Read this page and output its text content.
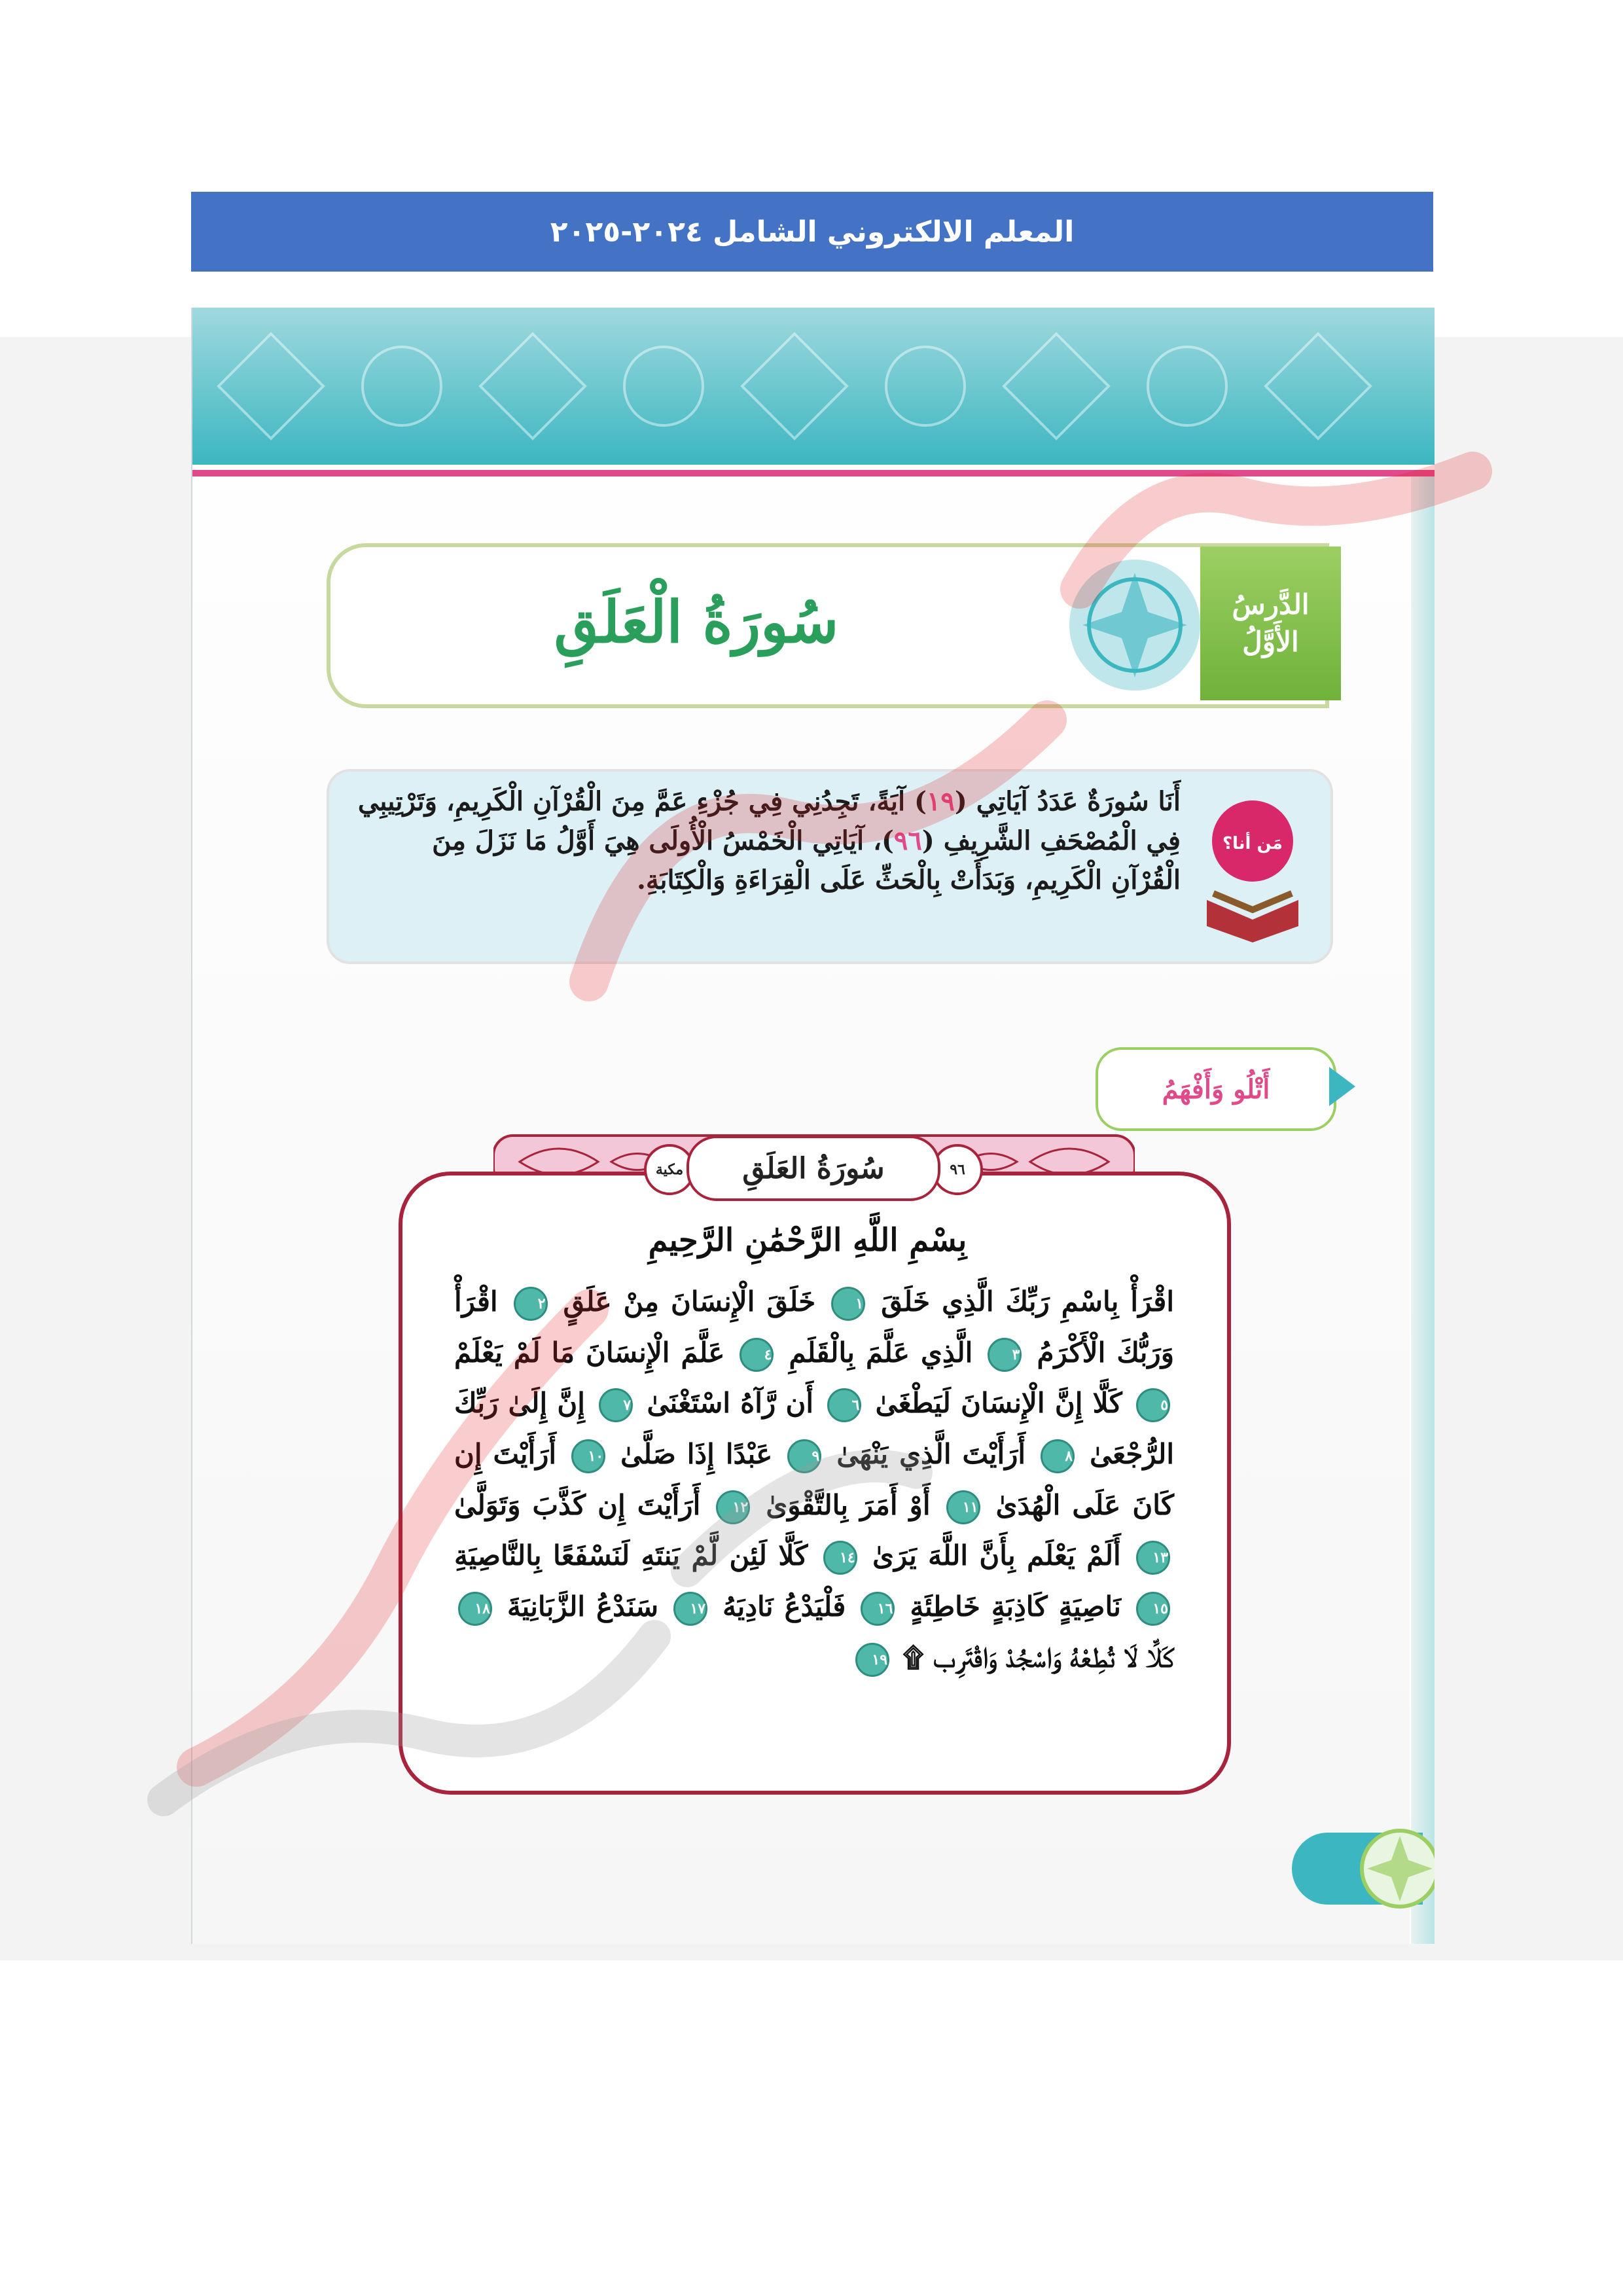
المعلم الالكتروني الشامل ٢٠٢٤-٢٠٢٥
سُورَةُ الْعَلَقِ	الدَّرسُ
الأَوَّلُ
أَنَا سُورَةٌ عَدَدُ آيَاتِي (١٩) آيَةً، تَجِدُنِي فِي جُزْءِ عَمَّ مِنَ الْقُرْآنِ الْكَرِيمِ، وَتَرْتِيبِي فِي الْمُصْحَفِ الشَّرِيفِ (٩٦)، آيَاتِي الْخَمْسُ الْأُولَى هِيَ أَوَّلُ مَا نَزَلَ مِنَ الْقُرْآنِ الْكَرِيمِ، وَبَدَأَتْ بِالْحَثِّ عَلَى الْقِرَاءَةِ وَالْكِتَابَةِ.
مَن أنا؟
أَتْلُو وَأَفْهَمُ
٩٦
مكية سُورَةُ العَلَقِ
بِسْمِ اللَّهِ الرَّحْمَٰنِ الرَّحِيمِ
اقْرَأْ بِاسْمِ رَبِّكَ الَّذِي خَلَقَ ١ خَلَقَ الْإِنسَانَ مِنْ عَلَقٍ ٢ اقْرَأْ وَرَبُّكَ الْأَكْرَمُ ٣ الَّذِي عَلَّمَ بِالْقَلَمِ ٤ عَلَّمَ الْإِنسَانَ مَا لَمْ يَعْلَمْ ٥ كَلَّا إِنَّ الْإِنسَانَ لَيَطْغَىٰ ٦ أَن رَّآهُ اسْتَغْنَىٰ ٧ إِنَّ إِلَىٰ رَبِّكَ الرُّجْعَىٰ ٨ أَرَأَيْتَ الَّذِي يَنْهَىٰ ٩ عَبْدًا إِذَا صَلَّىٰ ١٠ أَرَأَيْتَ إِن كَانَ عَلَى الْهُدَىٰ ١١ أَوْ أَمَرَ بِالتَّقْوَىٰ ١٢ أَرَأَيْتَ إِن كَذَّبَ وَتَوَلَّىٰ ١٣ أَلَمْ يَعْلَم بِأَنَّ اللَّهَ يَرَىٰ ١٤ كَلَّا لَئِن لَّمْ يَنتَهِ لَنَسْفَعًا بِالنَّاصِيَةِ ١٥ نَاصِيَةٍ كَاذِبَةٍ خَاطِئَةٍ ١٦ فَلْيَدْعُ نَادِيَهُ ١٧ سَنَدْعُ الزَّبَانِيَةَ ١٨ كَلَّا لَا تُطِعْهُ وَاسْجُدْ وَاقْتَرِب ۩ ١٩
